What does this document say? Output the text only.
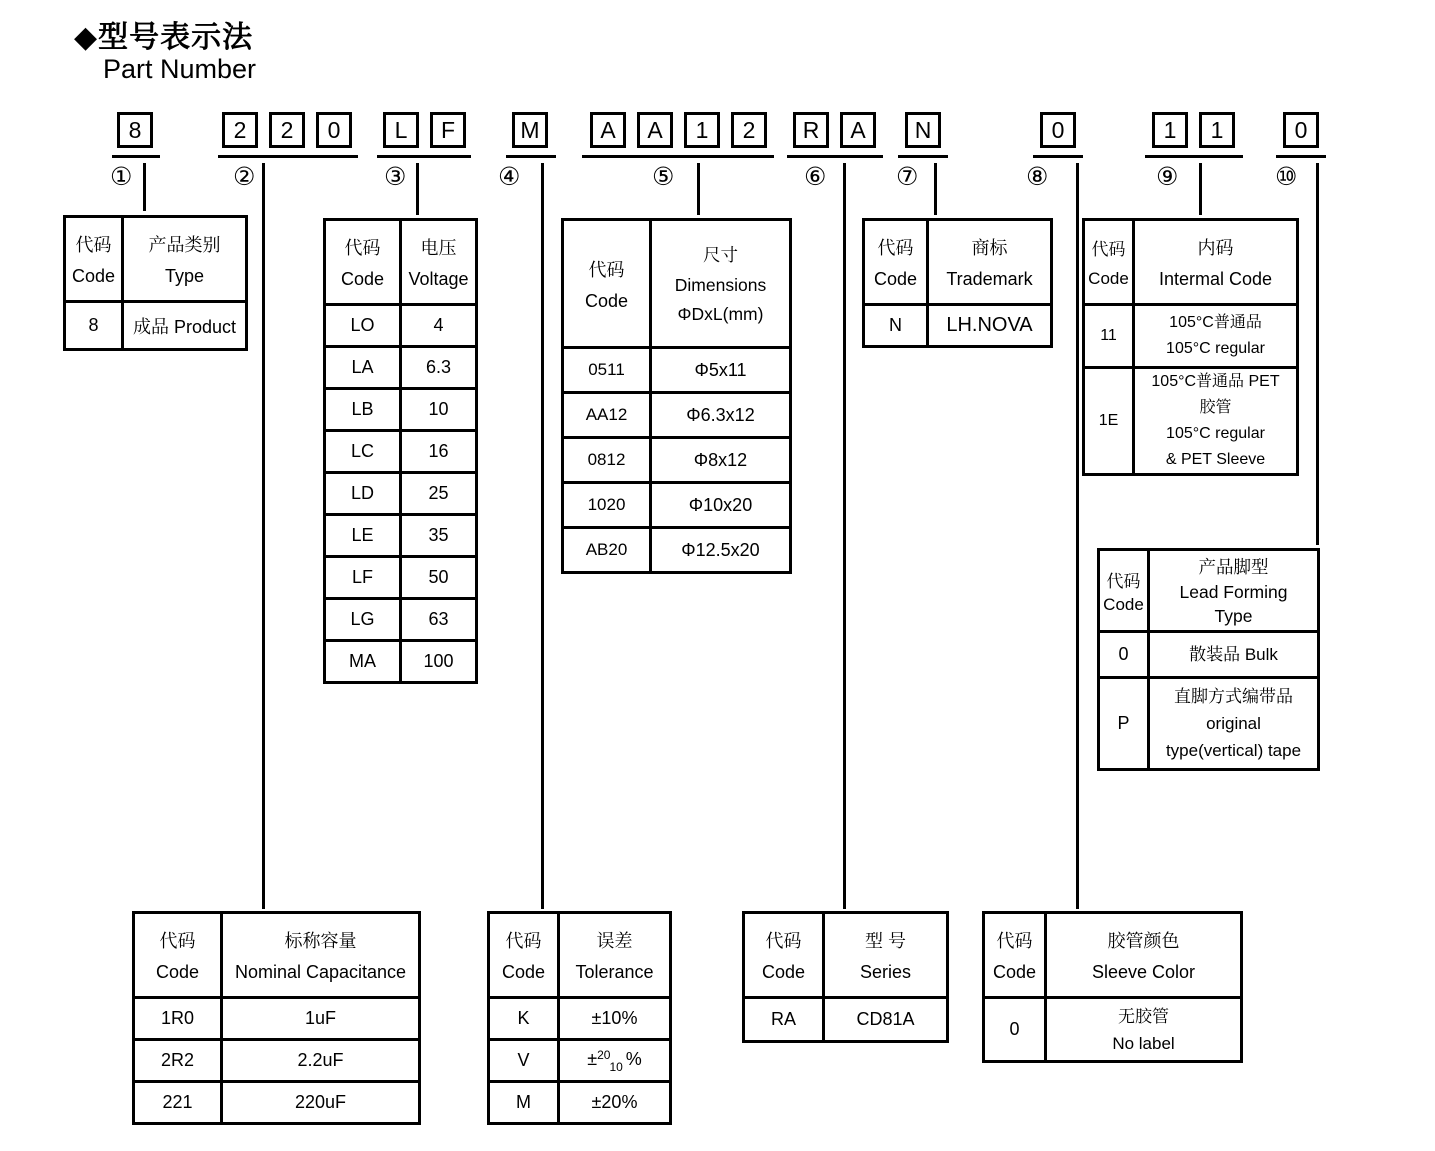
◆型号表示法
Part Number
8	2	2	0	L	F	M	A	A	1	2	R	A	N	0	1	1	0
①	②	③	④	⑤	⑥	⑦	⑧	⑨	⑩
代码
Code

产品类别
Type

8	成品 Product
代码
Code

电压
Voltage

LO	4
LA	6.3
LB	10
LC	16
LD	25
LE	35
LF	50
LG	63
MA	100
代码
Code

尺寸
Dimensions
ΦDxL(mm)

0511	Φ5x11
AA12	Φ6.3x12
0812	Φ8x12
1020	Φ10x20
AB20	Φ12.5x20
代码
Code

商标
Trademark

N	LH.NOVA
代码
Code

内码
Intermal Code

11	105°C普通品
105°C regular

1E	105°C普通品 PET
胶管
105°C regular
& PET Sleeve
代码
Code

产品脚型
Lead Forming
Type

0	散装品 Bulk

P	直脚方式编带品
original
type(vertical) tape
代码
Code

标称容量
Nominal Capacitance

1R0	1uF
2R2	2.2uF
221	220uF
代码
Code

误差
Tolerance

K	±10%
V	±$^{20}_{10}$ %
M	±20%
代码
Code

型 号
Series

RA	CD81A
代码
Code

胶管颜色
Sleeve Color

0	无胶管
No label
